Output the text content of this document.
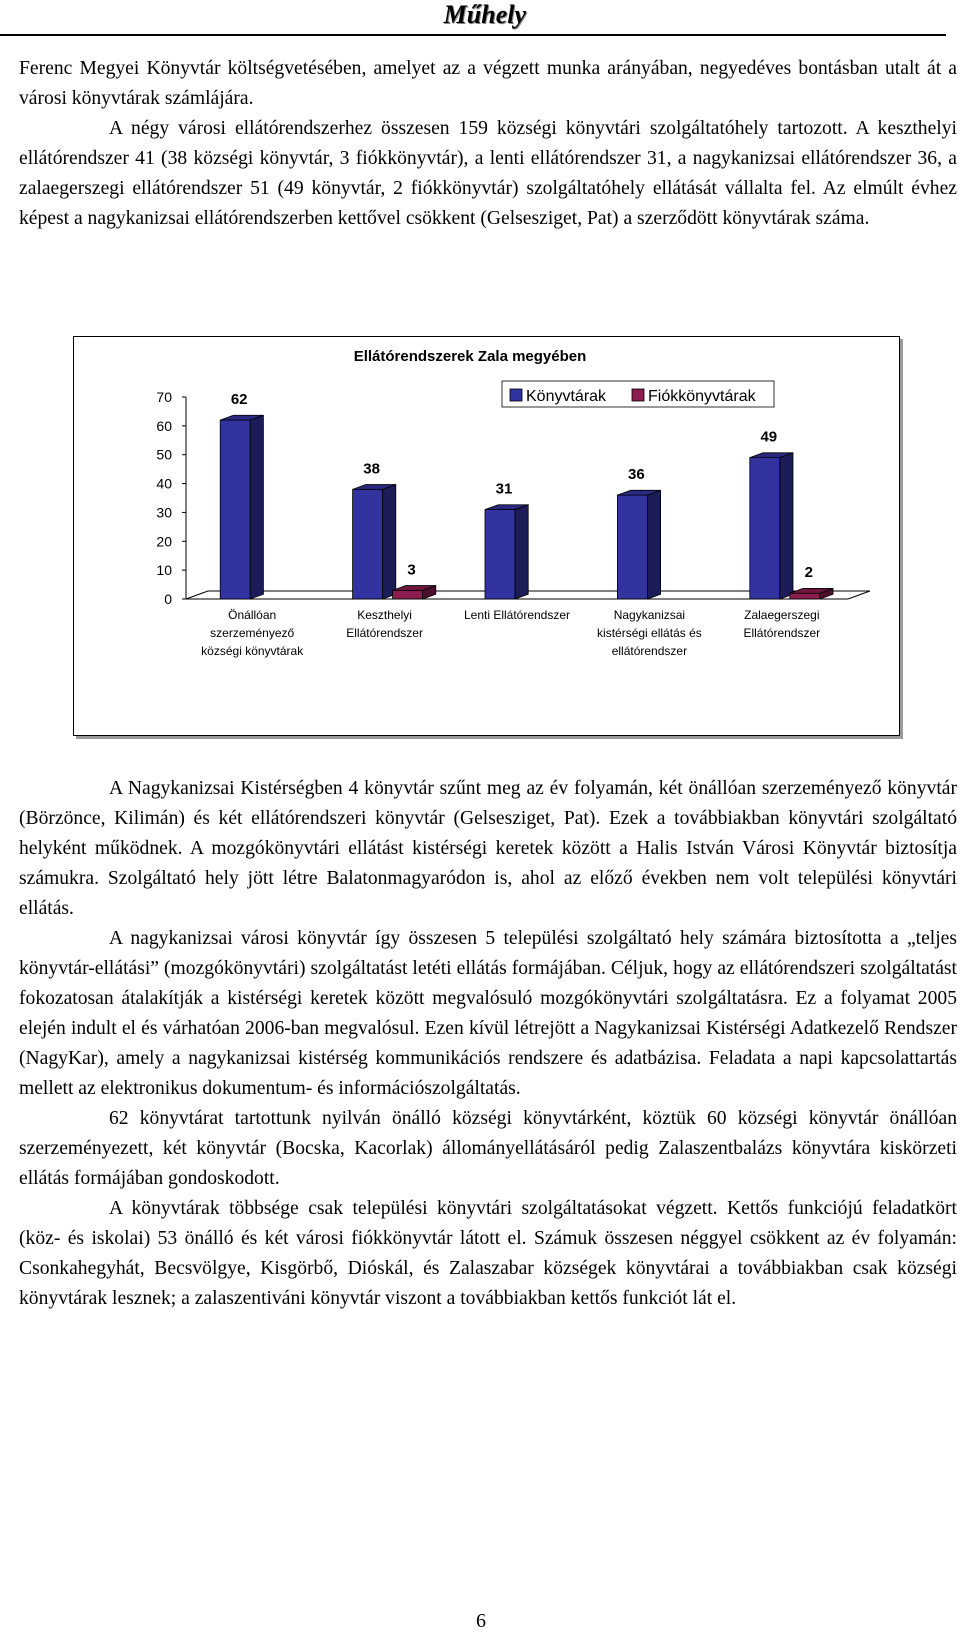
Műhely

Ferenc Megyei Könyvtár költségvetésében, amelyet az a végzett munka arányában, negyedéves bontásban utalt át a városi könyvtárak számlájára.

A négy városi ellátórendszerhez összesen 159 községi könyvtári szolgáltatóhely tartozott. A keszthelyi ellátórendszer 41 (38 községi könyvtár, 3 fiókkönyvtár), a lenti ellátórendszer 31, a nagykanizsai ellátórendszer 36, a zalaegerszegi ellátórendszer 51 (49 könyvtár, 2 fiókkönyvtár) szolgáltatóhely ellátását vállalta fel. Az elmúlt évhez képest a nagykanizsai ellátórendszerben kettővel csökkent (Gelsesziget, Pat) a szerződött könyvtárak száma.

Ellátórendszerek Zala megyében
0
10
20
30
40
50
60
70	62
Önállóan
szerzeményező
községi könyvtárak
38
3
Keszthelyi
Ellátórendszer
31
Lenti Ellátórendszer
36
Nagykanizsai
kistérségi ellátás és
ellátórendszer
49
2
Zalaegerszegi
Ellátórendszer
Könyvtárak	Fiókkönyvtárak

A Nagykanizsai Kistérségben 4 könyvtár szűnt meg az év folyamán, két önállóan szerzeményező könyvtár (Börzönce, Kilimán) és két ellátórendszeri könyvtár (Gelsesziget, Pat). Ezek a továbbiakban könyvtári szolgáltató helyként működnek. A mozgókönyvtári ellátást kistérségi keretek között a Halis István Városi Könyvtár biztosítja számukra. Szolgáltató hely jött létre Balatonmagyaródon is, ahol az előző években nem volt települési könyvtári ellátás.

A nagykanizsai városi könyvtár így összesen 5 települési szolgáltató hely számára biztosította a „teljes könyvtár-ellátási” (mozgókönyvtári) szolgáltatást letéti ellátás formájában. Céljuk, hogy az ellátórendszeri szolgáltatást fokozatosan átalakítják a kistérségi keretek között megvalósuló mozgókönyvtári szolgáltatásra. Ez a folyamat 2005 elején indult el és várhatóan 2006-ban megvalósul. Ezen kívül létrejött a Nagykanizsai Kistérségi Adatkezelő Rendszer (NagyKar), amely a nagykanizsai kistérség kommunikációs rendszere és adatbázisa. Feladata a napi kapcsolattartás mellett az elektronikus dokumentum- és információszolgáltatás.

62 könyvtárat tartottunk nyilván önálló községi könyvtárként, köztük 60 községi könyvtár önállóan szerzeményezett, két könyvtár (Bocska, Kacorlak) állományellátásáról pedig Zalaszentbalázs könyvtára kiskörzeti ellátás formájában gondoskodott.

A könyvtárak többsége csak települési könyvtári szolgáltatásokat végzett. Kettős funkciójú feladatkört (köz- és iskolai) 53 önálló és két városi fiókkönyvtár látott el. Számuk összesen néggyel csökkent az év folyamán: Csonkahegyhát, Becsvölgye, Kisgörbő, Dióskál, és Zalaszabar községek könyvtárai a továbbiakban csak községi könyvtárak lesznek; a zalaszentiváni könyvtár viszont a továbbiakban kettős funkciót lát el.

6
